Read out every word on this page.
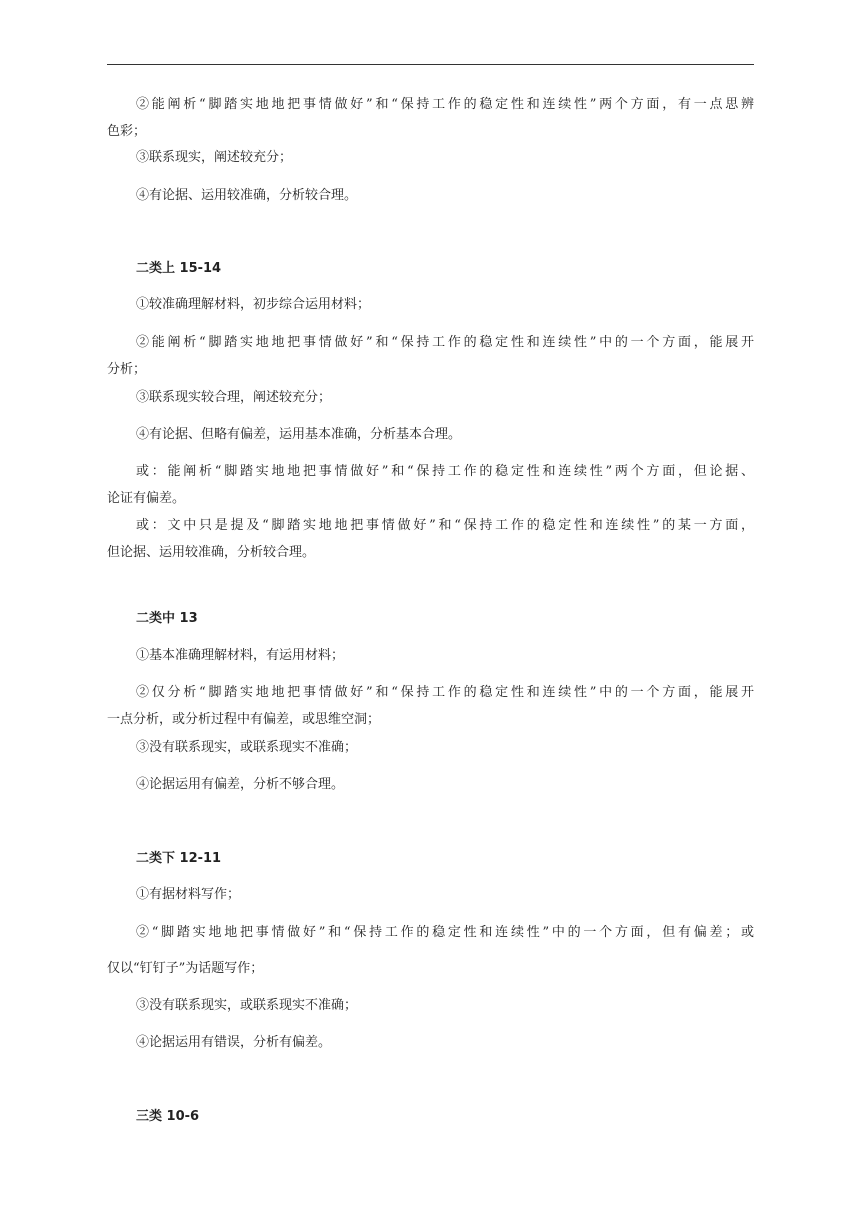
②能阐析“脚踏实地地把事情做好”和“保持工作的稳定性和连续性”两个方面，有一点思辨
色彩；
③联系现实，阐述较充分；
④有论据、运用较准确，分析较合理。
二类上 15-14
①较准确理解材料，初步综合运用材料；
②能阐析“脚踏实地地把事情做好”和“保持工作的稳定性和连续性”中的一个方面，能展开
分析；
③联系现实较合理，阐述较充分；
④有论据、但略有偏差，运用基本准确，分析基本合理。
或：能阐析“脚踏实地地把事情做好”和“保持工作的稳定性和连续性”两个方面，但论据、
论证有偏差。
或：文中只是提及“脚踏实地地把事情做好”和“保持工作的稳定性和连续性”的某一方面，
但论据、运用较准确，分析较合理。
二类中 13
①基本准确理解材料，有运用材料；
②仅分析“脚踏实地地把事情做好”和“保持工作的稳定性和连续性”中的一个方面，能展开
一点分析，或分析过程中有偏差，或思维空洞；
③没有联系现实，或联系现实不准确；
④论据运用有偏差，分析不够合理。
二类下 12-11
①有据材料写作；
②“脚踏实地地把事情做好”和“保持工作的稳定性和连续性”中的一个方面，但有偏差；或
仅以“钉钉子”为话题写作；
③没有联系现实，或联系现实不准确；
④论据运用有错误，分析有偏差。
三类 10-6
